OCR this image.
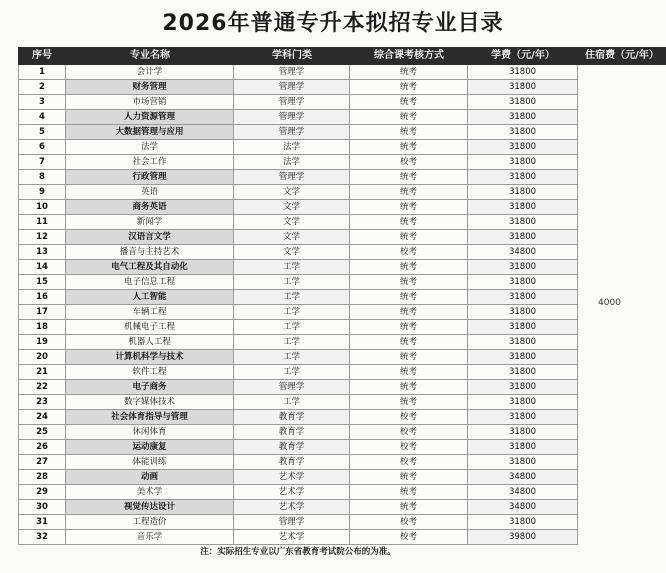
2026年普通专升本拟招专业目录
序号	专业名称	学科门类	综合课考核方式	学费（元/年）	住宿费（元/年）
1	会计学	管理学	统考	31800
2	财务管理	管理学	统考	31800
3	市场营销	管理学	统考	31800
4	人力资源管理	管理学	统考	31800
5	大数据管理与应用	管理学	统考	31800
6	法学	法学	统考	31800
7	社会工作	法学	校考	31800
8	行政管理	管理学	统考	31800
9	英语	文学	统考	31800
10	商务英语	文学	统考	31800
11	新闻学	文学	统考	31800
12	汉语言文学	文学	统考	31800
13	播音与主持艺术	文学	校考	34800
14	电气工程及其自动化	工学	统考	31800
15	电子信息工程	工学	统考	31800
16	人工智能	工学	统考	31800
17	车辆工程	工学	统考	31800
18	机械电子工程	工学	统考	31800
19	机器人工程	工学	统考	31800
20	计算机科学与技术	工学	统考	31800
21	软件工程	工学	统考	31800
22	电子商务	管理学	统考	31800
23	数字媒体技术	工学	统考	31800
24	社会体育指导与管理	教育学	校考	31800
25	休闲体育	教育学	校考	31800
26	运动康复	教育学	校考	31800
27	体能训练	教育学	校考	31800
28	动画	艺术学	统考	34800
29	美术学	艺术学	统考	34800
30	视觉传达设计	艺术学	统考	34800
31	工程造价	管理学	校考	31800
32	音乐学	艺术学	校考	39800
4000
注：实际招生专业以广东省教育考试院公布的为准。
